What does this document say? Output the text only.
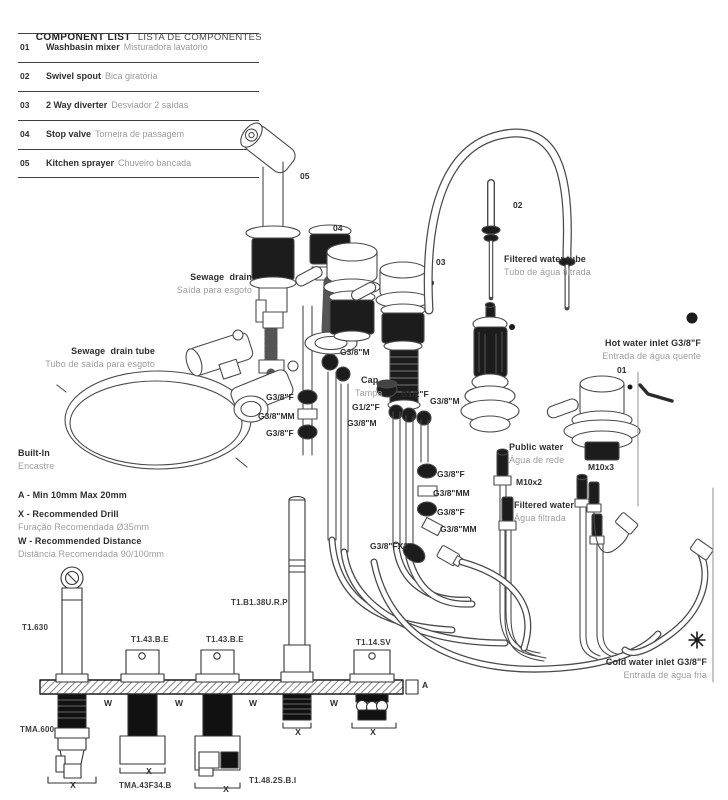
COMPONENT LIST LISTA DE COMPONENTES

01	Washbasin mixer Misturadora lavatório
02	Swivel spout Bica giratória
03	2 Way diverter Desviador 2 saídas
04	Stop valve Torneira de passagem
05	Kitchen sprayer Chuveiro bancada
05
04
03
02
01
Sewage  drain
Saída para esgoto
Sewage  drain tube
Tubo de saída para esgoto
Filtered water tube
Tubo de água filtrada
Hot water inlet G3/8"F
Entrada de água quente
Public water
Água de rede
M10x2
M10x3
Filtered water
Água filtrada
Cold water inlet G3/8"F
Entrada de água fria
Built-In
Encastre
A - Min 10mm Max 20mm
X - Recommended Drill
Furação Recomendada Ø35mm
W - Recommended Distance
Distância Recomendada 90/100mm
G3/8"M
Cap
Tampa G1/2"F
G3/8"M
G1/2"F
G3/8"M
G3/8"F
G3/8"MM
G3/8"F
G3/8"F
G3/8"MM
G3/8"F
G3/8"MM
G3/8"FX2
T1.630
T1.43.B.E	T1.43.B.E
T1.B1.38U.R.P
T1.14.SV
TMA.600
TMA.43F34.B
T1.48.2S.B.I
W	W	W	W
X
X
X
X	X
A
